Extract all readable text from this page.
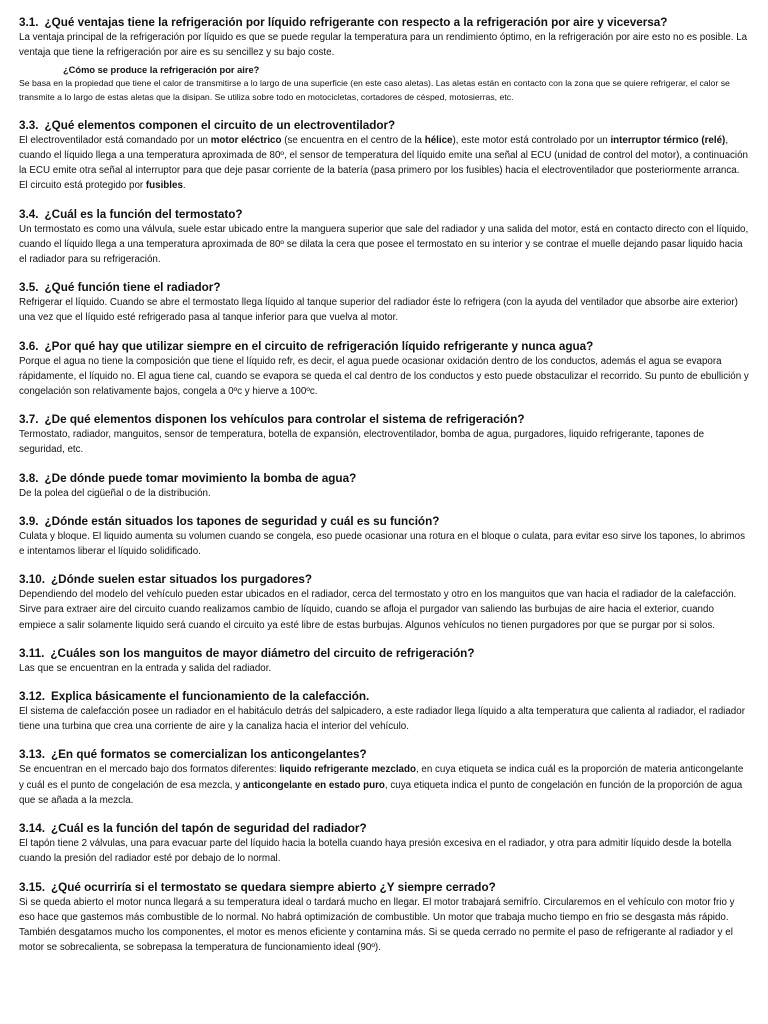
3.1. ¿Qué ventajas tiene la refrigeración por líquido refrigerante con respecto a la refrigeración por aire y viceversa?

La ventaja principal de la refrigeración por líquido es que se puede regular la temperatura para un rendimiento óptimo, en la refrigeración por aire esto no es posible. La ventaja que tiene la refrigeración por aire es su sencillez y su bajo coste.

¿Cómo se produce la refrigeración por aire?

Se basa en la propiedad que tiene el calor de transmitirse a lo largo de una superficie (en este caso aletas). Las aletas están en contacto con la zona que se quiere refrigerar, el calor se transmite a lo largo de estas aletas que la disipan. Se utiliza sobre todo en motocicletas, cortadores de césped, motosierras, etc.

3.3. ¿Qué elementos componen el circuito de un electroventilador?

El electroventilador está comandado por un motor eléctrico (se encuentra en el centro de la hélice), este motor está controlado por un interruptor térmico (relé), cuando el líquido llega a una temperatura aproximada de 80º, el sensor de temperatura del líquido emite una señal al ECU (unidad de control del motor), a continuación la ECU emite otra señal al interruptor para que deje pasar corriente de la batería (pasa primero por los fusibles) hacia el electroventilador que posteriormente arranca. El circuito está protegido por fusibles.

3.4. ¿Cuál es la función del termostato?

Un termostato es como una válvula, suele estar ubicado entre la manguera superior que sale del radiador y una salida del motor, está en contacto directo con el líquido, cuando el líquido llega a una temperatura aproximada de 80º se dilata la cera que posee el termostato en su interior y se contrae el muelle dejando pasar liquido hacia el radiador para su refrigeración.

3.5. ¿Qué función tiene el radiador?

Refrigerar el líquido. Cuando se abre el termostato llega líquido al tanque superior del radiador éste lo refrigera (con la ayuda del ventilador que absorbe aire exterior) una vez que el líquido esté refrigerado pasa al tanque inferior para que vuelva al motor.

3.6. ¿Por qué hay que utilizar siempre en el circuito de refrigeración líquido refrigerante y nunca agua?

Porque el agua no tiene la composición que tiene el líquido refr, es decir, el agua puede ocasionar oxidación dentro de los conductos, además el agua se evapora rápidamente, el líquido no. El agua tiene cal, cuando se evapora se queda el cal dentro de los conductos y esto puede obstaculizar el recorrido. Su punto de ebullición y congelación son relativamente bajos, congela a 0ºc y hierve a 100ºc.

3.7. ¿De qué elementos disponen los vehículos para controlar el sistema de refrigeración?

Termostato, radiador, manguitos, sensor de temperatura, botella de expansión, electroventilador, bomba de agua, purgadores, liquido refrigerante, tapones de seguridad, etc.

3.8. ¿De dónde puede tomar movimiento la bomba de agua?

De la polea del cigüeñal o de la distribución.

3.9. ¿Dónde están situados los tapones de seguridad y cuál es su función?

Culata y bloque. El liquido aumenta su volumen cuando se congela, eso puede ocasionar una rotura en el bloque o culata, para evitar eso sirve los tapones, lo abrimos e intentamos liberar el líquido solidificado.

3.10. ¿Dónde suelen estar situados los purgadores?

Dependiendo del modelo del vehículo pueden estar ubicados en el radiador, cerca del termostato y otro en los manguitos que van hacia el radiador de la calefacción. Sirve para extraer aire del circuito cuando realizamos cambio de líquido, cuando se afloja el purgador van saliendo las burbujas de aire hacia el exterior, cuando empiece a salir solamente liquido será cuando el circuito ya esté libre de estas burbujas. Algunos vehículos no tienen purgadores por que se purgar por si solos.

3.11. ¿Cuáles son los manguitos de mayor diámetro del circuito de refrigeración?

Las que se encuentran en la entrada y salida del radiador.

3.12. Explica básicamente el funcionamiento de la calefacción.

El sistema de calefacción posee un radiador en el habitáculo detrás del salpicadero, a este radiador llega líquido a alta temperatura que calienta al radiador, el radiador tiene una turbina que crea una corriente de aire y la canaliza hacia el interior del vehículo.

3.13. ¿En qué formatos se comercializan los anticongelantes?

Se encuentran en el mercado bajo dos formatos diferentes: liquido refrigerante mezclado, en cuya etiqueta se indica cuál es la proporción de materia anticongelante y cuál es el punto de congelación de esa mezcla, y anticongelante en estado puro, cuya etiqueta indica el punto de congelación en función de la proporción de agua que se añada a la mezcla.

3.14. ¿Cuál es la función del tapón de seguridad del radiador?

El tapón tiene 2 válvulas, una para evacuar parte del líquido hacia la botella cuando haya presión excesiva en el radiador, y otra para admitir líquido desde la botella cuando la presión del radiador esté por debajo de lo normal.

3.15. ¿Qué ocurriría si el termostato se quedara siempre abierto ¿Y siempre cerrado?

Si se queda abierto el motor nunca llegará a su temperatura ideal o tardará mucho en llegar. El motor trabajará semifrío. Circularemos en el vehículo con motor frio y eso hace que gastemos más combustible de lo normal. No habrá optimización de combustible. Un motor que trabaja mucho tiempo en frio se desgasta más rápido. También desgatamos mucho los componentes, el motor es menos eficiente y contamina más. Si se queda cerrado no permite el paso de refrigerante al radiador y el motor se sobrecalienta, se sobrepasa la temperatura de funcionamiento ideal (90º).
